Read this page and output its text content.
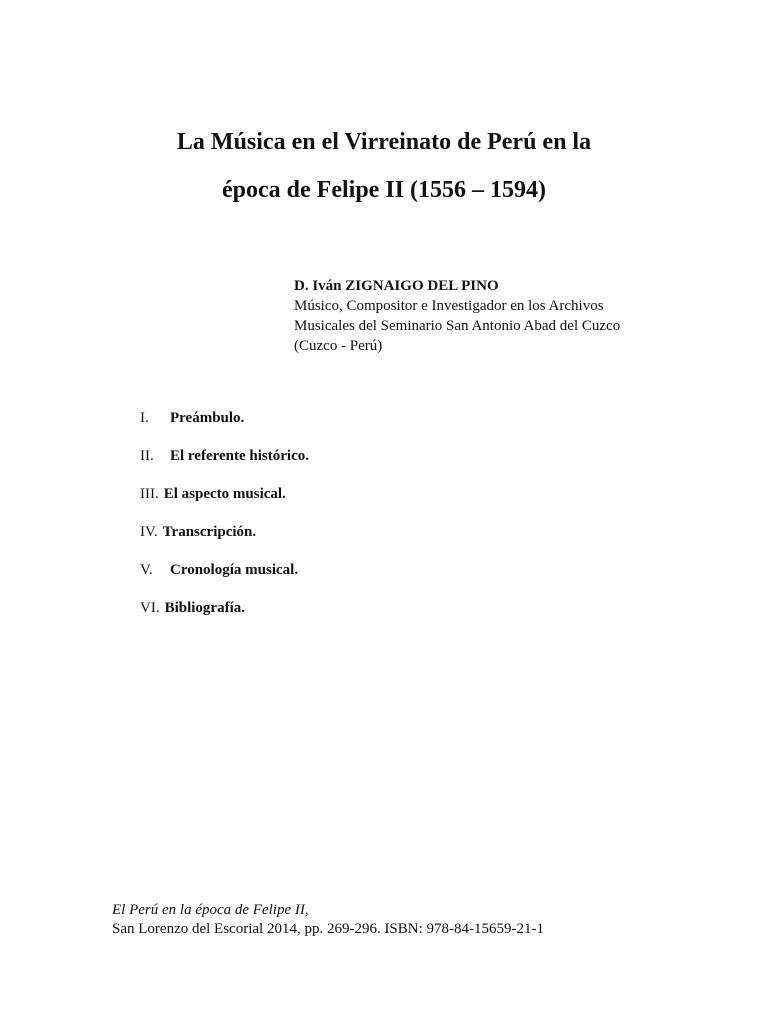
La Música en el Virreinato de Perú en la
época de Felipe II (1556 – 1594)
D. Iván ZIGNAIGO DEL PINO
Músico, Compositor e Investigador en los Archivos
Musicales del Seminario San Antonio Abad del Cuzco
(Cuzco - Perú)
I. Preámbulo.
II. El referente histórico.
III. El aspecto musical.
IV. Transcripción.
V. Cronología musical.
VI. Bibliografía.
El Perú en la época de Felipe II,
San Lorenzo del Escorial 2014, pp. 269-296. ISBN: 978-84-15659-21-1
